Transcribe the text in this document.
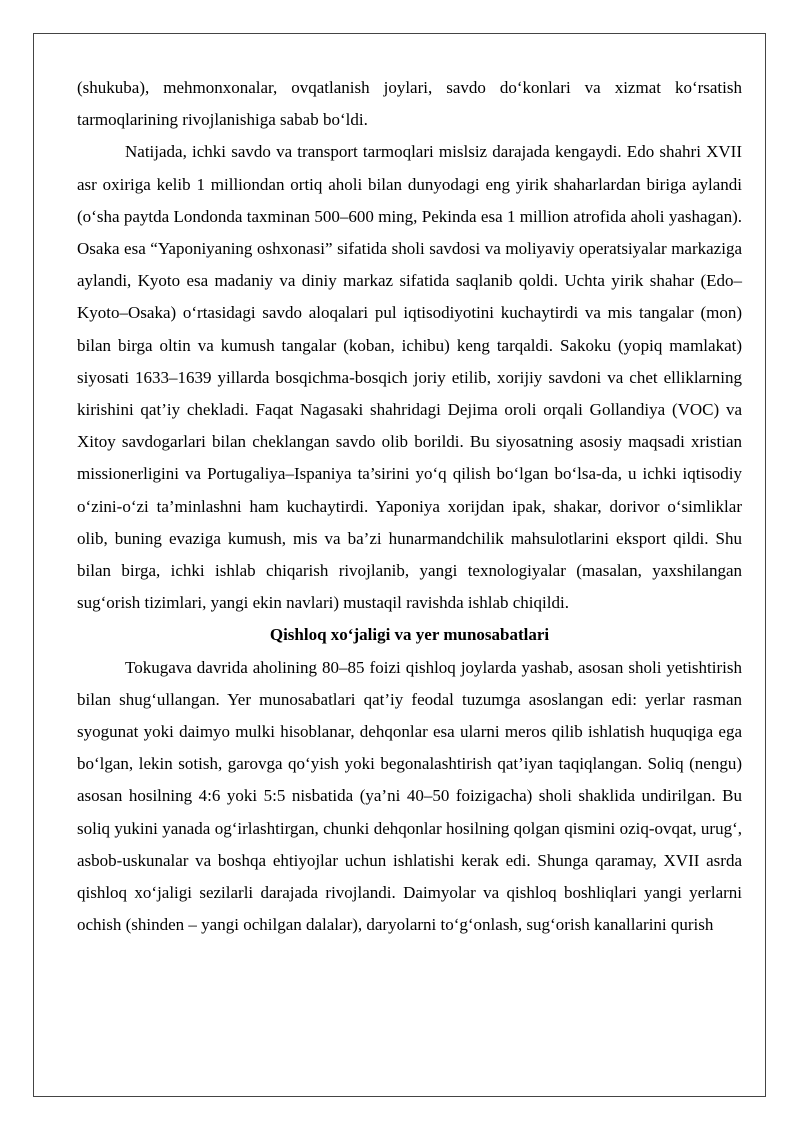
(shukuba), mehmonxonalar, ovqatlanish joylari, savdo do‘konlari va xizmat ko‘rsatish tarmoqlarining rivojlanishiga sabab bo‘ldi.

Natijada, ichki savdo va transport tarmoqlari mislsiz darajada kengaydi. Edo shahri XVII asr oxiriga kelib 1 milliondan ortiq aholi bilan dunyodagi eng yirik shaharlardan biriga aylandi (o‘sha paytda Londonda taxminan 500–600 ming, Pekinda esa 1 million atrofida aholi yashagan). Osaka esa “Yaponiyaning oshxonasi” sifatida sholi savdosi va moliyaviy operatsiyalar markaziga aylandi, Kyoto esa madaniy va diniy markaz sifatida saqlanib qoldi. Uchta yirik shahar (Edo–Kyoto–Osaka) o‘rtasidagi savdo aloqalari pul iqtisodiyotini kuchaytirdi va mis tangalar (mon) bilan birga oltin va kumush tangalar (koban, ichibu) keng tarqaldi. Sakoku (yopiq mamlakat) siyosati 1633–1639 yillarda bosqichma-bosqich joriy etilib, xorijiy savdoni va chet elliklarning kirishini qat’iy chekladi. Faqat Nagasaki shahridagi Dejima oroli orqali Gollandiya (VOC) va Xitoy savdogarlari bilan cheklangan savdo olib borildi. Bu siyosatning asosiy maqsadi xristian missionerligini va Portugaliya–Ispaniya ta’sirini yo‘q qilish bo‘lgan bo‘lsa-da, u ichki iqtisodiy o‘zini-o‘zi ta’minlashni ham kuchaytirdi. Yaponiya xorijdan ipak, shakar, dorivor o‘simliklar olib, buning evaziga kumush, mis va ba’zi hunarmandchilik mahsulotlarini eksport qildi. Shu bilan birga, ichki ishlab chiqarish rivojlanib, yangi texnologiyalar (masalan, yaxshilangan sug‘orish tizimlari, yangi ekin navlari) mustaqil ravishda ishlab chiqildi.

Qishloq xo‘jaligi va yer munosabatlari

Tokugava davrida aholining 80–85 foizi qishloq joylarda yashab, asosan sholi yetishtirish bilan shug‘ullangan. Yer munosabatlari qat’iy feodal tuzumga asoslangan edi: yerlar rasman syogunat yoki daimyo mulki hisoblanar, dehqonlar esa ularni meros qilib ishlatish huquqiga ega bo‘lgan, lekin sotish, garovga qo‘yish yoki begonalashtirish qat’iyan taqiqlangan. Soliq (nengu) asosan hosilning 4:6 yoki 5:5 nisbatida (ya’ni 40–50 foizigacha) sholi shaklida undirilgan. Bu soliq yukini yanada og‘irlashtirgan, chunki dehqonlar hosilning qolgan qismini oziq-ovqat, urug‘, asbob-uskunalar va boshqa ehtiyojlar uchun ishlatishi kerak edi. Shunga qaramay, XVII asrda qishloq xo‘jaligi sezilarli darajada rivojlandi. Daimyolar va qishloq boshliqlari yangi yerlarni ochish (shinden – yangi ochilgan dalalar), daryolarni to‘g‘onlash, sug‘orish kanallarini qurish
